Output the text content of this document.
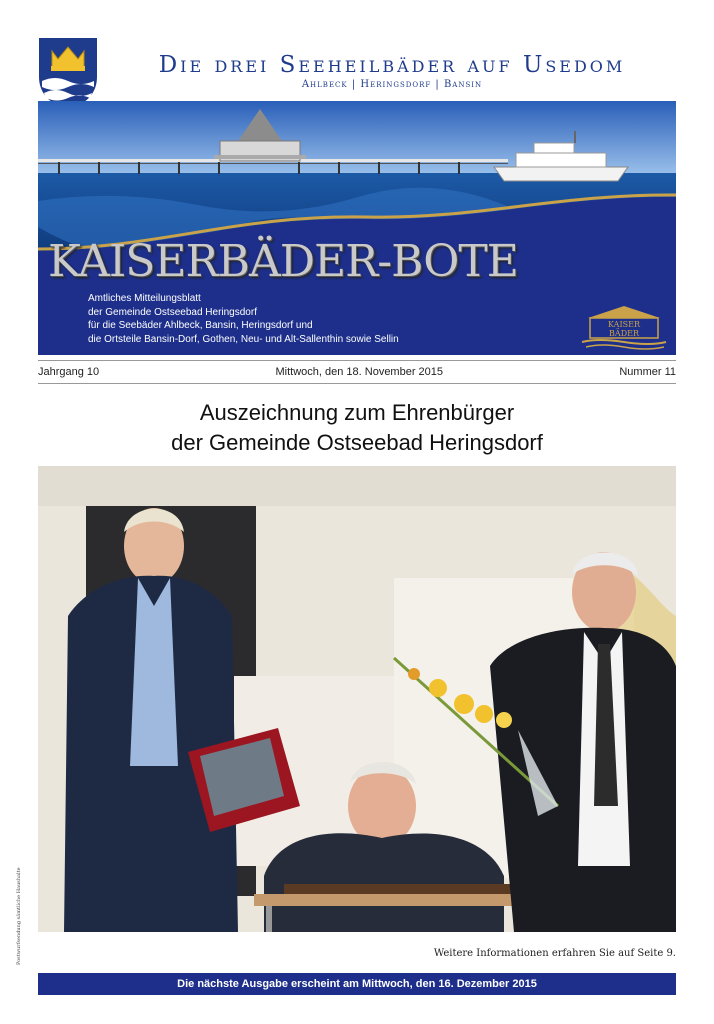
Die drei Seeheilbäder auf Usedom
Ahlbeck | Heringsdorf | Bansin
KAISERBÄDER-BOTE
Amtliches Mitteilungsblatt
der Gemeinde Ostseebad Heringsdorf
für die Seebäder Ahlbeck, Bansin, Heringsdorf und
die Ortsteile Bansin-Dorf, Gothen, Neu- und Alt-Sallenthin sowie Sellin
KAISER
BÄDER
Jahrgang 10	Mittwoch, den 18. November 2015	Nummer 11
Auszeichnung zum Ehrenbürger
der Gemeinde Ostseebad Heringsdorf
Weitere Informationen erfahren Sie auf Seite 9.
Die nächste Ausgabe erscheint am Mittwoch, den 16. Dezember 2015
Postwurfsendung sämtliche Haushalte
